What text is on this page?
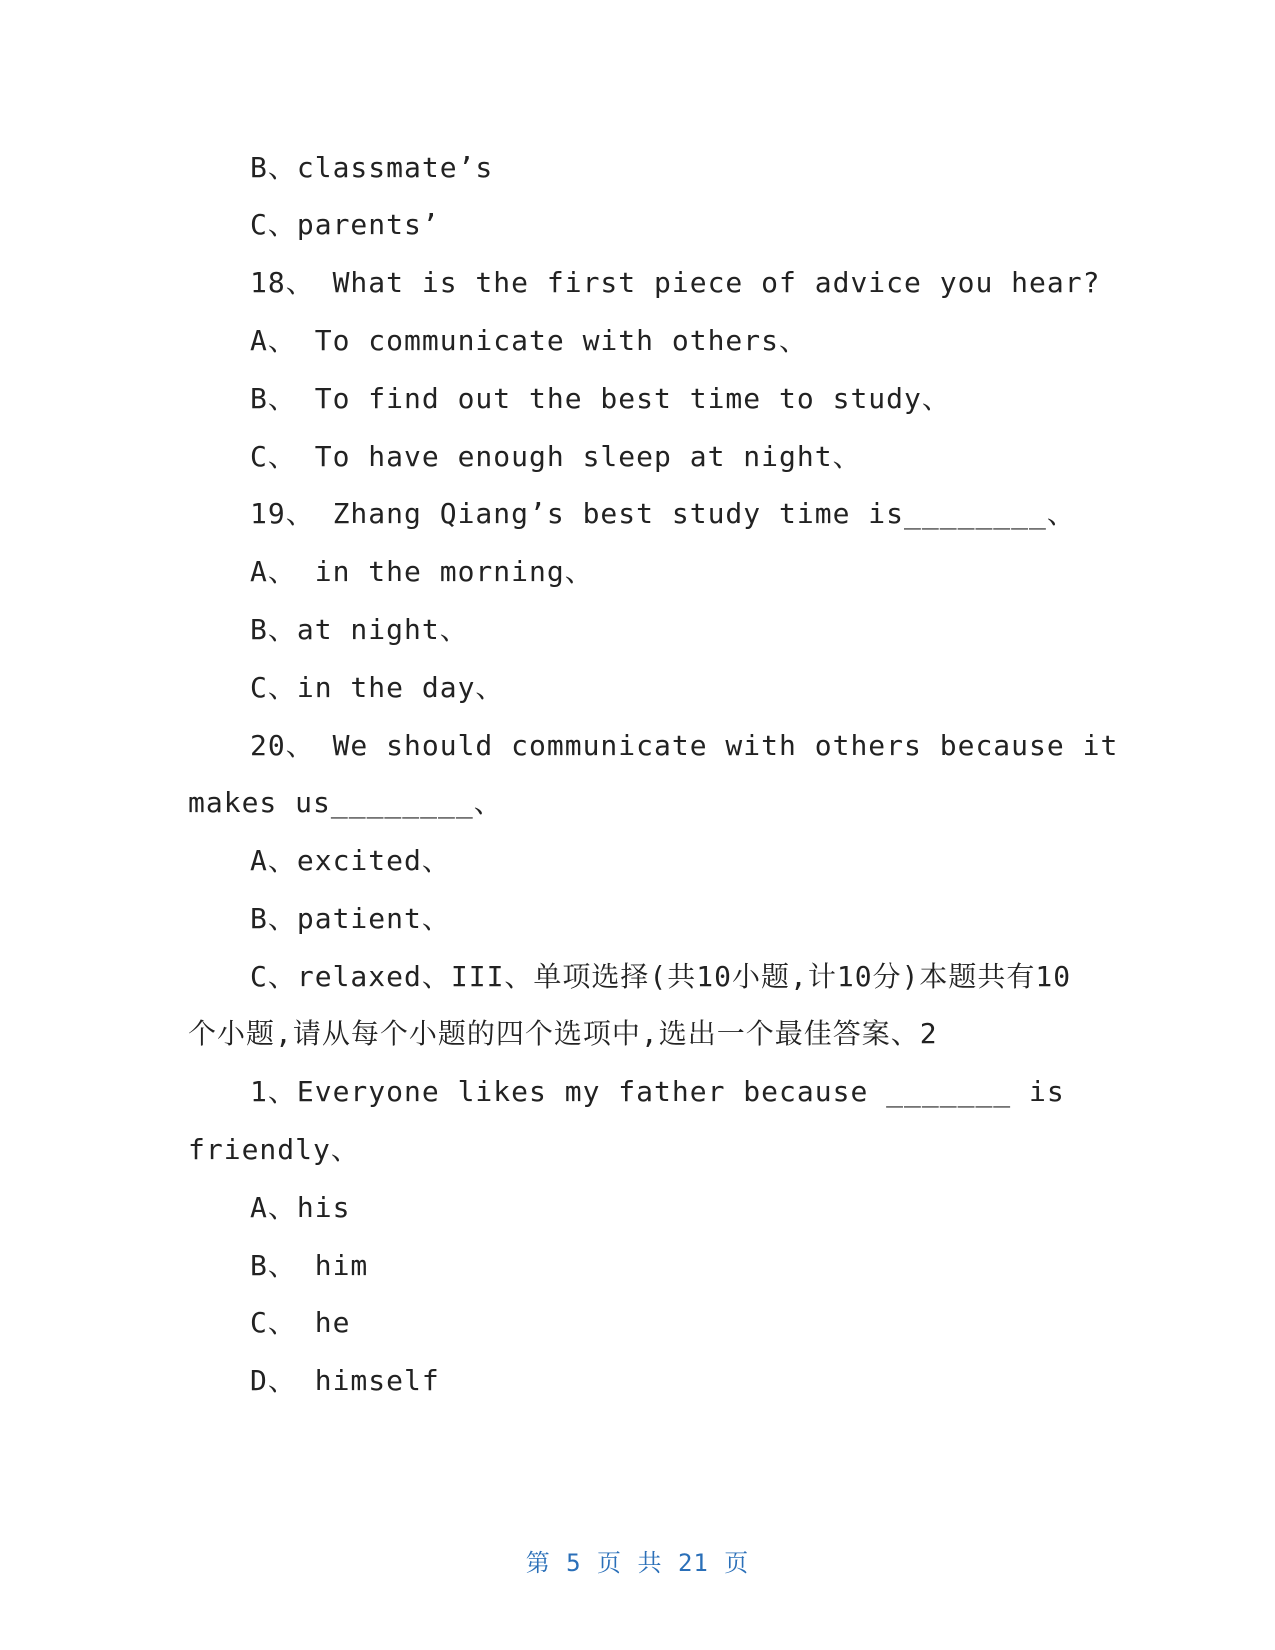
B、classmate’s
C、parents’
18、 What is the first piece of advice you hear?
A、 To communicate with others、
B、 To find out the best time to study、
C、 To have enough sleep at night、
19、 Zhang Qiang’s best study time is________、
A、 in the morning、
B、at night、
C、in the day、
20、 We should communicate with others because it
makes us________、
A、excited、
B、patient、
C、relaxed、III、单项选择(共10小题,计10分)本题共有10
个小题,请从每个小题的四个选项中,选出一个最佳答案、2
1、Everyone likes my father because _______ is
friendly、
A、his
B、 him
C、 he
D、 himself
第 5 页 共 21 页
